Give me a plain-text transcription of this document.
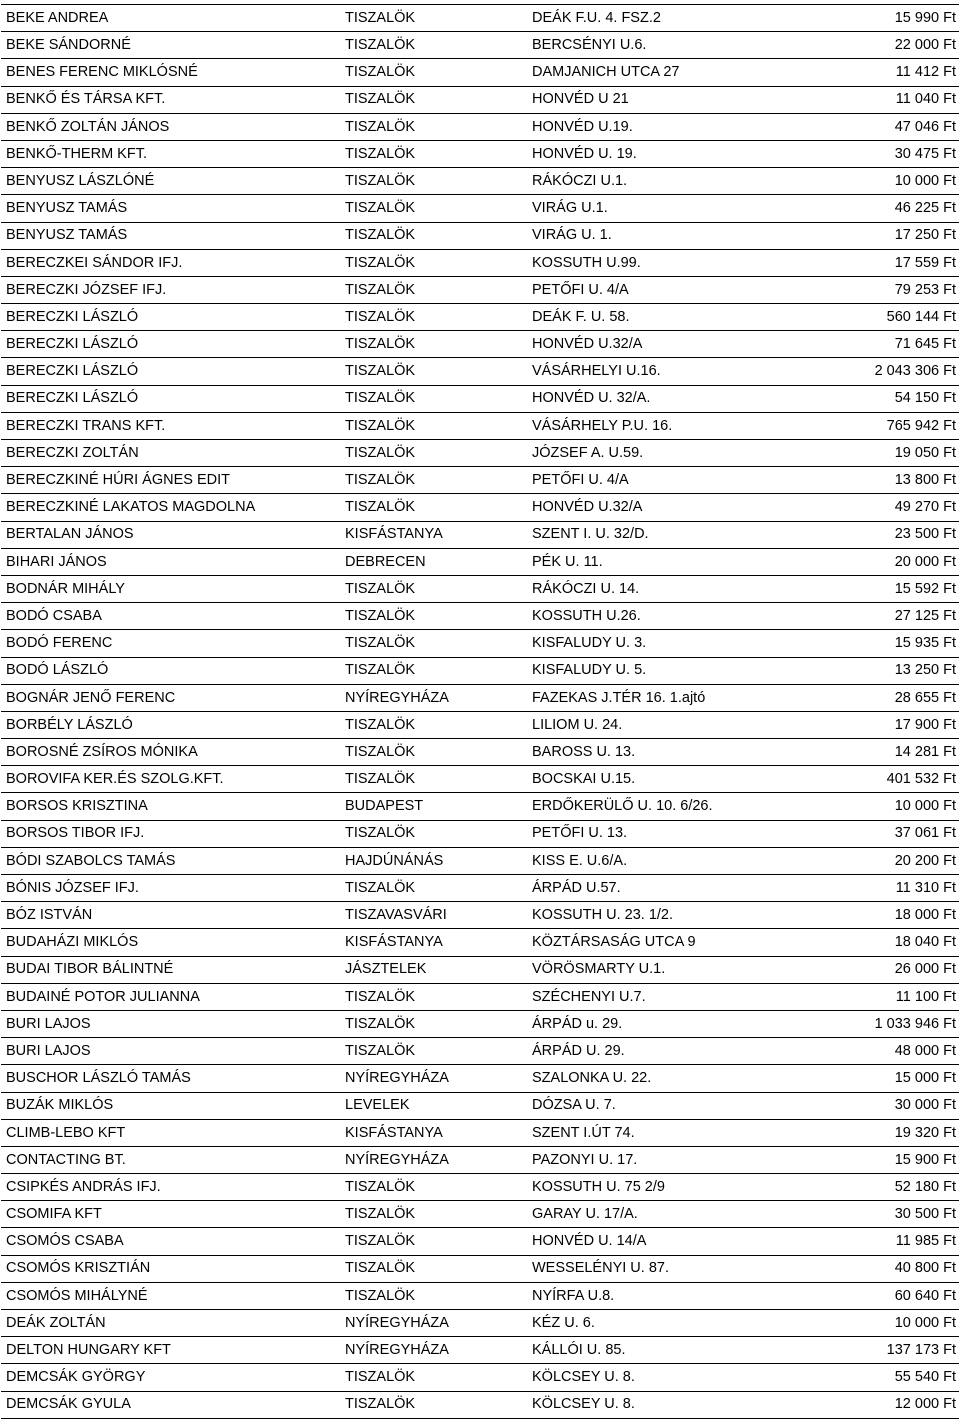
BEKE ANDREA	TISZALÖK	DEÁK F.U. 4. FSZ.2	15 990 Ft
BEKE SÁNDORNÉ	TISZALÖK	BERCSÉNYI U.6.	22 000 Ft
BENES FERENC MIKLÓSNÉ	TISZALÖK	DAMJANICH UTCA 27	11 412 Ft
BENKŐ ÉS TÁRSA KFT.	TISZALÖK	HONVÉD U 21	11 040 Ft
BENKŐ ZOLTÁN JÁNOS	TISZALÖK	HONVÉD U.19.	47 046 Ft
BENKŐ-THERM KFT.	TISZALÖK	HONVÉD U. 19.	30 475 Ft
BENYUSZ LÁSZLÓNÉ	TISZALÖK	RÁKÓCZI U.1.	10 000 Ft
BENYUSZ TAMÁS	TISZALÖK	VIRÁG U.1.	46 225 Ft
BENYUSZ TAMÁS	TISZALÖK	VIRÁG U. 1.	17 250 Ft
BERECZKEI SÁNDOR IFJ.	TISZALÖK	KOSSUTH U.99.	17 559 Ft
BERECZKI JÓZSEF IFJ.	TISZALÖK	PETŐFI U. 4/A	79 253 Ft
BERECZKI LÁSZLÓ	TISZALÖK	DEÁK F. U. 58.	560 144 Ft
BERECZKI LÁSZLÓ	TISZALÖK	HONVÉD U.32/A	71 645 Ft
BERECZKI LÁSZLÓ	TISZALÖK	VÁSÁRHELYI U.16.	2 043 306 Ft
BERECZKI LÁSZLÓ	TISZALÖK	HONVÉD U. 32/A.	54 150 Ft
BERECZKI TRANS KFT.	TISZALÖK	VÁSÁRHELY P.U. 16.	765 942 Ft
BERECZKI ZOLTÁN	TISZALÖK	JÓZSEF A. U.59.	19 050 Ft
BERECZKINÉ HÚRI ÁGNES EDIT	TISZALÖK	PETŐFI U. 4/A	13 800 Ft
BERECZKINÉ LAKATOS MAGDOLNA	TISZALÖK	HONVÉD U.32/A	49 270 Ft
BERTALAN JÁNOS	KISFÁSTANYA	SZENT I. U. 32/D.	23 500 Ft
BIHARI JÁNOS	DEBRECEN	PÉK U. 11.	20 000 Ft
BODNÁR MIHÁLY	TISZALÖK	RÁKÓCZI U. 14.	15 592 Ft
BODÓ CSABA	TISZALÖK	KOSSUTH U.26.	27 125 Ft
BODÓ FERENC	TISZALÖK	KISFALUDY U. 3.	15 935 Ft
BODÓ LÁSZLÓ	TISZALÖK	KISFALUDY U. 5.	13 250 Ft
BOGNÁR JENŐ FERENC	NYÍREGYHÁZA	FAZEKAS J.TÉR 16. 1.ajtó	28 655 Ft
BORBÉLY LÁSZLÓ	TISZALÖK	LILIOM U. 24.	17 900 Ft
BOROSNÉ ZSÍROS MÓNIKA	TISZALÖK	BAROSS U. 13.	14 281 Ft
BOROVIFA KER.ÉS SZOLG.KFT.	TISZALÖK	BOCSKAI U.15.	401 532 Ft
BORSOS KRISZTINA	BUDAPEST	ERDŐKERÜLŐ U. 10. 6/26.	10 000 Ft
BORSOS TIBOR IFJ.	TISZALÖK	PETŐFI U. 13.	37 061 Ft
BÓDI SZABOLCS TAMÁS	HAJDÚNÁNÁS	KISS E. U.6/A.	20 200 Ft
BÓNIS JÓZSEF IFJ.	TISZALÖK	ÁRPÁD U.57.	11 310 Ft
BÓZ ISTVÁN	TISZAVASVÁRI	KOSSUTH U. 23. 1/2.	18 000 Ft
BUDAHÁZI MIKLÓS	KISFÁSTANYA	KÖZTÁRSASÁG UTCA 9	18 040 Ft
BUDAI TIBOR BÁLINTNÉ	JÁSZTELEK	VÖRÖSMARTY U.1.	26 000 Ft
BUDAINÉ POTOR JULIANNA	TISZALÖK	SZÉCHENYI U.7.	11 100 Ft
BURI LAJOS	TISZALÖK	ÁRPÁD u. 29.	1 033 946 Ft
BURI LAJOS	TISZALÖK	ÁRPÁD U. 29.	48 000 Ft
BUSCHOR LÁSZLÓ TAMÁS	NYÍREGYHÁZA	SZALONKA U. 22.	15 000 Ft
BUZÁK MIKLÓS	LEVELEK	DÓZSA U. 7.	30 000 Ft
CLIMB-LEBO KFT	KISFÁSTANYA	SZENT I.ÚT 74.	19 320 Ft
CONTACTING BT.	NYÍREGYHÁZA	PAZONYI U. 17.	15 900 Ft
CSIPKÉS ANDRÁS IFJ.	TISZALÖK	KOSSUTH U. 75 2/9	52 180 Ft
CSOMIFA KFT	TISZALÖK	GARAY U. 17/A.	30 500 Ft
CSOMÓS CSABA	TISZALÖK	HONVÉD U. 14/A	11 985 Ft
CSOMÓS KRISZTIÁN	TISZALÖK	WESSELÉNYI U. 87.	40 800 Ft
CSOMÓS MIHÁLYNÉ	TISZALÖK	NYÍRFA U.8.	60 640 Ft
DEÁK ZOLTÁN	NYÍREGYHÁZA	KÉZ U. 6.	10 000 Ft
DELTON HUNGARY KFT	NYÍREGYHÁZA	KÁLLÓI U. 85.	137 173 Ft
DEMCSÁK GYÖRGY	TISZALÖK	KÖLCSEY U. 8.	55 540 Ft
DEMCSÁK GYULA	TISZALÖK	KÖLCSEY U. 8.	12 000 Ft
